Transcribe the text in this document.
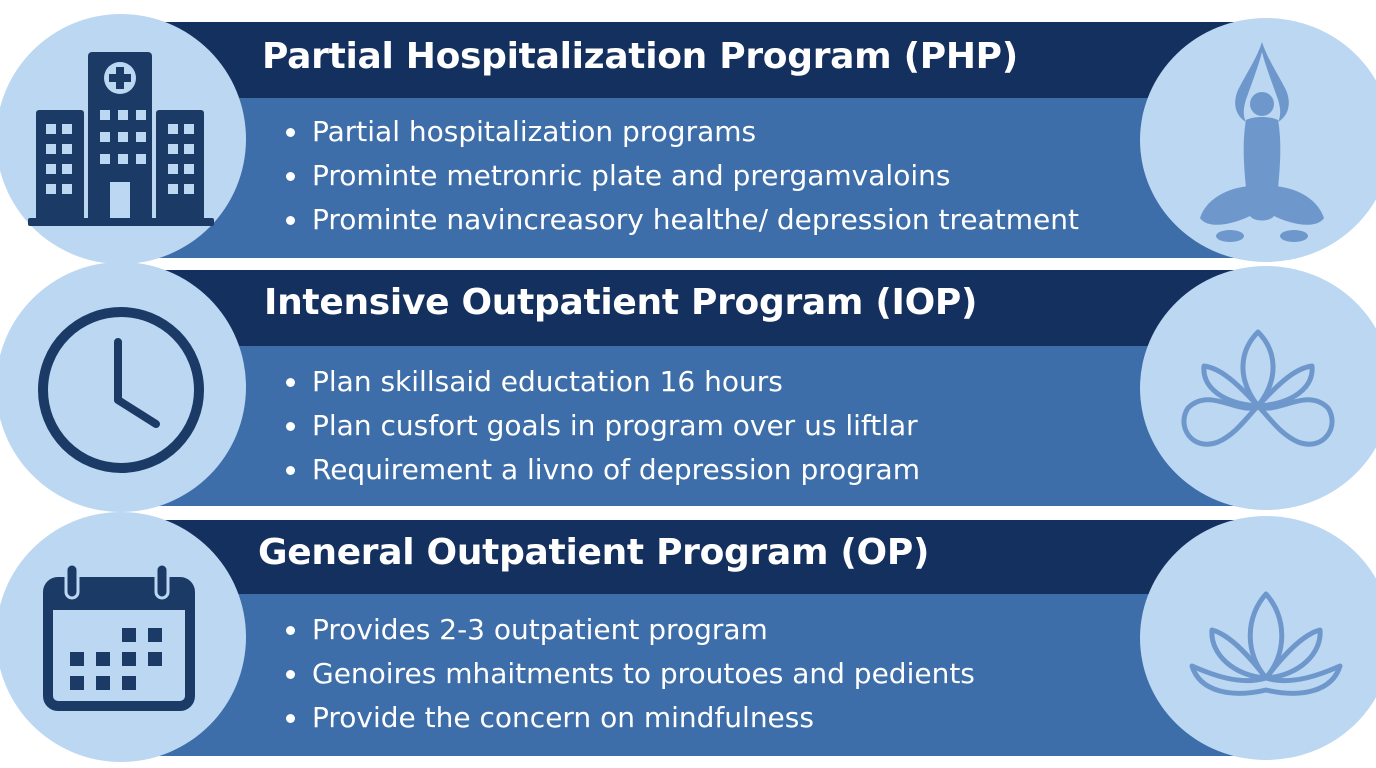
Partial Hospitalization Program (PHP)
Partial hospitalization programs
Prominte metronric plate and prergamvaloins
Prominte navincreasory healthe/ depression treatment
Intensive Outpatient Program (IOP)
Plan skillsaid eductation 16 hours
Plan cusfort goals in program over us liftlar
Requirement a livno of depression program
General Outpatient Program (OP)
Provides 2-3 outpatient program
Genoires mhaitments to proutoes and pedients
Provide the concern on mindfulness
